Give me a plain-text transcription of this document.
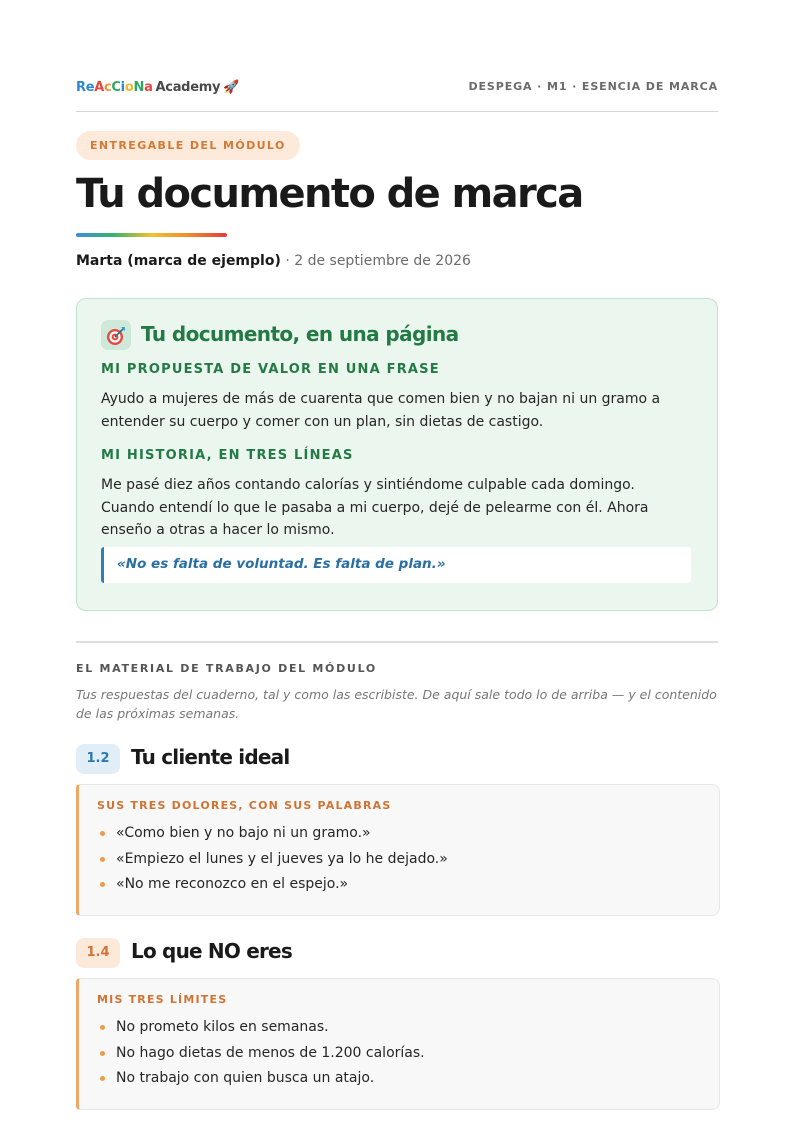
ReAcCioNa Academy 🚀	DESPEGA · M1 · ESENCIA DE MARCA
ENTREGABLE DEL MÓDULO
Tu documento de marca
Marta (marca de ejemplo) · 2 de septiembre de 2026
Tu documento, en una página
MI PROPUESTA DE VALOR EN UNA FRASE
Ayudo a mujeres de más de cuarenta que comen bien y no bajan ni un gramo a entender su cuerpo y comer con un plan, sin dietas de castigo.
MI HISTORIA, EN TRES LÍNEAS
Me pasé diez años contando calorías y sintiéndome culpable cada domingo. Cuando entendí lo que le pasaba a mi cuerpo, dejé de pelearme con él. Ahora enseño a otras a hacer lo mismo.
«No es falta de voluntad. Es falta de plan.»
EL MATERIAL DE TRABAJO DEL MÓDULO
Tus respuestas del cuaderno, tal y como las escribiste. De aquí sale todo lo de arriba — y el contenido de las próximas semanas.
1.2	Tu cliente ideal
SUS TRES DOLORES, CON SUS PALABRAS
«Como bien y no bajo ni un gramo.»
«Empiezo el lunes y el jueves ya lo he dejado.»
«No me reconozco en el espejo.»
1.4	Lo que NO eres
MIS TRES LÍMITES
No prometo kilos en semanas.
No hago dietas de menos de 1.200 calorías.
No trabajo con quien busca un atajo.
